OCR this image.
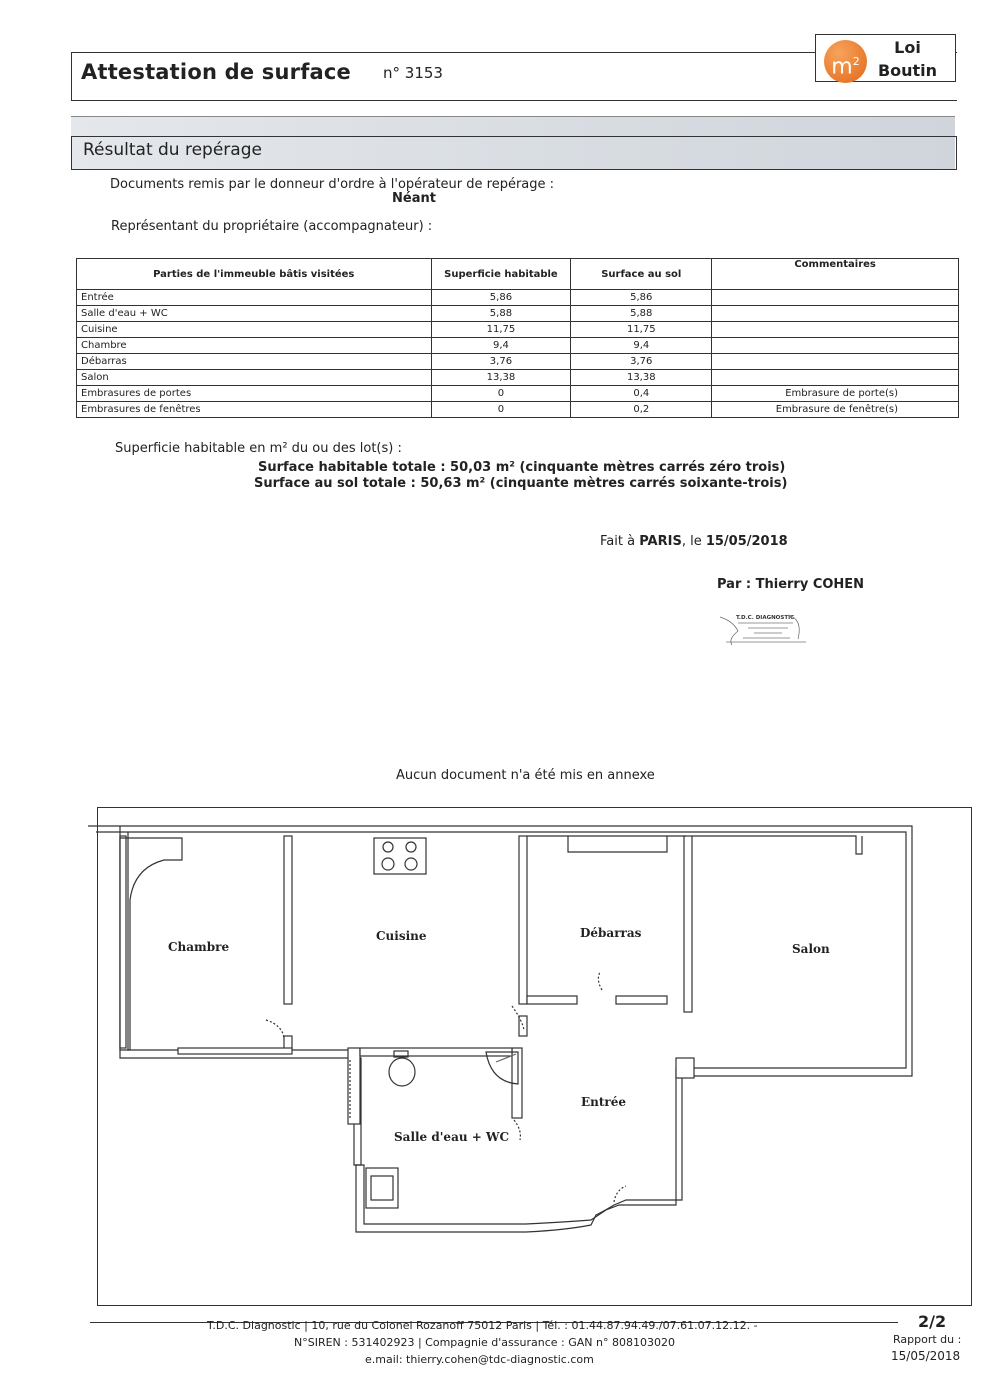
Attestation de surface n° 3153	$m^2$
Loi
Boutin
Résultat du repérage
Documents remis par le donneur d'ordre à l'opérateur de repérage :
Néant
Représentant du propriétaire (accompagnateur) :
Parties de l'immeuble bâtis visitées	Superficie habitable	Surface au sol	Commentaires
Entrée	5,86	5,86	
Salle d'eau + WC	5,88	5,88	
Cuisine	11,75	11,75	
Chambre	9,4	9,4	
Débarras	3,76	3,76	
Salon	13,38	13,38	
Embrasures de portes	0	0,4	Embrasure de porte(s)
Embrasures de fenêtres	0	0,2	Embrasure de fenêtre(s)
Superficie habitable en m² du ou des lot(s) :
Surface habitable totale : 50,03 m² (cinquante mètres carrés zéro trois)
Surface au sol totale : 50,63 m² (cinquante mètres carrés soixante-trois)
Fait à PARIS, le 15/05/2018
Par : Thierry COHEN
T.D.C. DIAGNOSTIC
Aucun document n'a été mis en annexe
Chambre
Cuisine	Débarras
Salon
Entrée
Salle d'eau + WC
T.D.C. Diagnostic | 10, rue du Colonel Rozanoff 75012 Paris | Tél. : 01.44.87.94.49./07.61.07.12.12. -
N°SIREN : 531402923 | Compagnie d'assurance : GAN n° 808103020
e.mail: thierry.cohen@tdc-diagnostic.com
2/2
Rapport du :
15/05/2018
